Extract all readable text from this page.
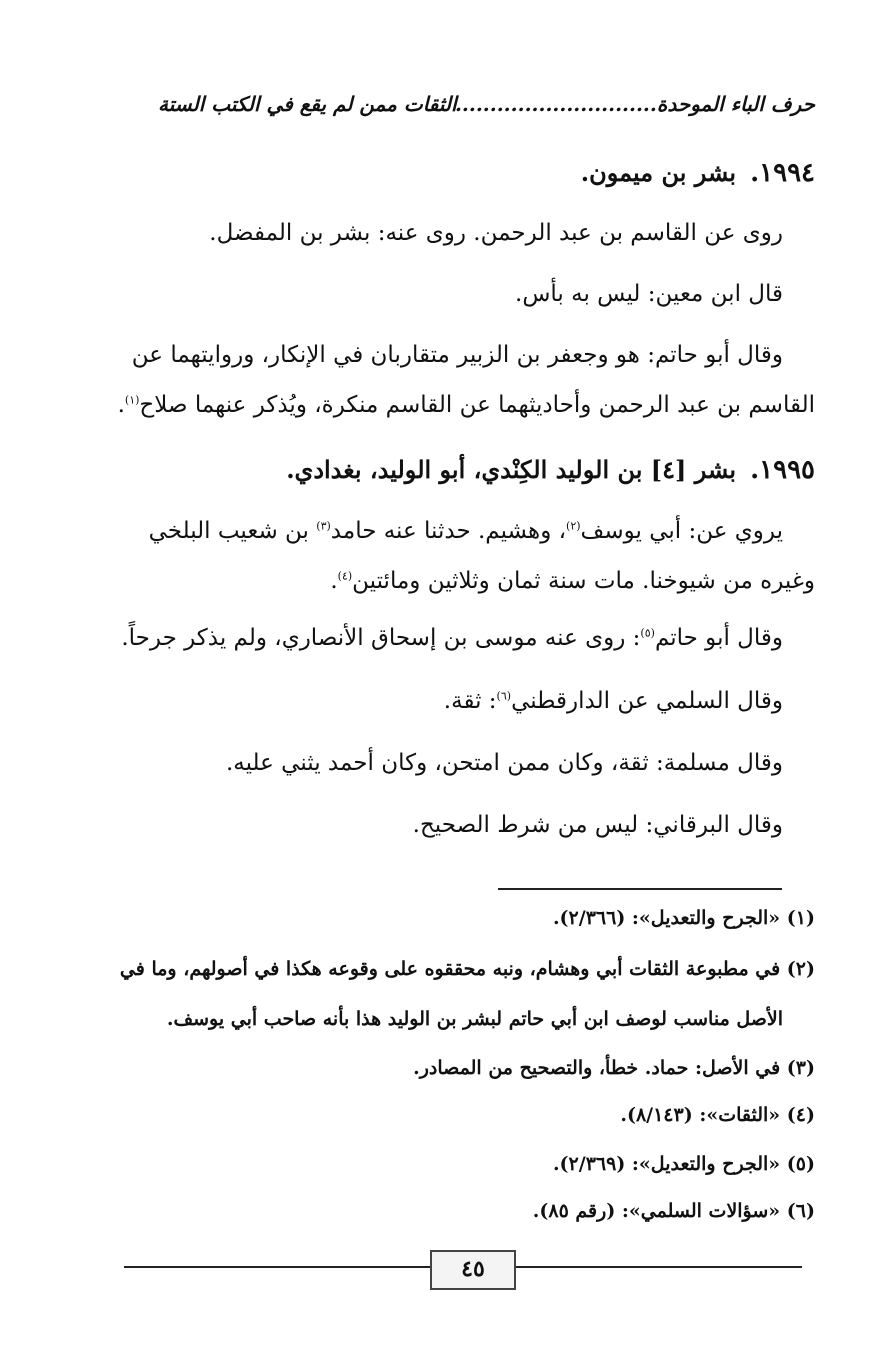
حرف الباء الموحدة.............................
الثقات ممن لم يقع في الكتب الستة
١٩٩٤.بشر بن ميمون.
روى عن القاسم بن عبد الرحمن. روى عنه: بشر بن المفضل.
قال ابن معين: ليس به بأس.
وقال أبو حاتم: هو وجعفر بن الزبير متقاربان في الإنكار، وروايتهما عن
القاسم بن عبد الرحمن وأحاديثهما عن القاسم منكرة، ويُذكر عنهما صلاح$^{(١)}$.
١٩٩٥.بشر [٤] بن الوليد الكِنْدي، أبو الوليد، بغدادي.
يروي عن: أبي يوسف$^{(٢)}$، وهشيم. حدثنا عنه حامد$^{(٣)}$ بن شعيب البلخي
وغيره من شيوخنا. مات سنة ثمان وثلاثين ومائتين$^{(٤)}$.
وقال أبو حاتم$^{(٥)}$: روى عنه موسى بن إسحاق الأنصاري، ولم يذكر جرحاً.
وقال السلمي عن الدارقطني$^{(٦)}$: ثقة.
وقال مسلمة: ثقة، وكان ممن امتحن، وكان أحمد يثني عليه.
وقال البرقاني: ليس من شرط الصحيح.
(١) «الجرح والتعديل»: (٢/٣٦٦).
(٢) في مطبوعة الثقات أبي وهشام، ونبه محققوه على وقوعه هكذا في أصولهم، وما في
الأصل مناسب لوصف ابن أبي حاتم لبشر بن الوليد هذا بأنه صاحب أبي يوسف.
(٣) في الأصل: حماد. خطأ، والتصحيح من المصادر.
(٤) «الثقات»: (٨/١٤٣).
(٥) «الجرح والتعديل»: (٢/٣٦٩).
(٦) «سؤالات السلمي»: (رقم ٨٥).
٤٥
